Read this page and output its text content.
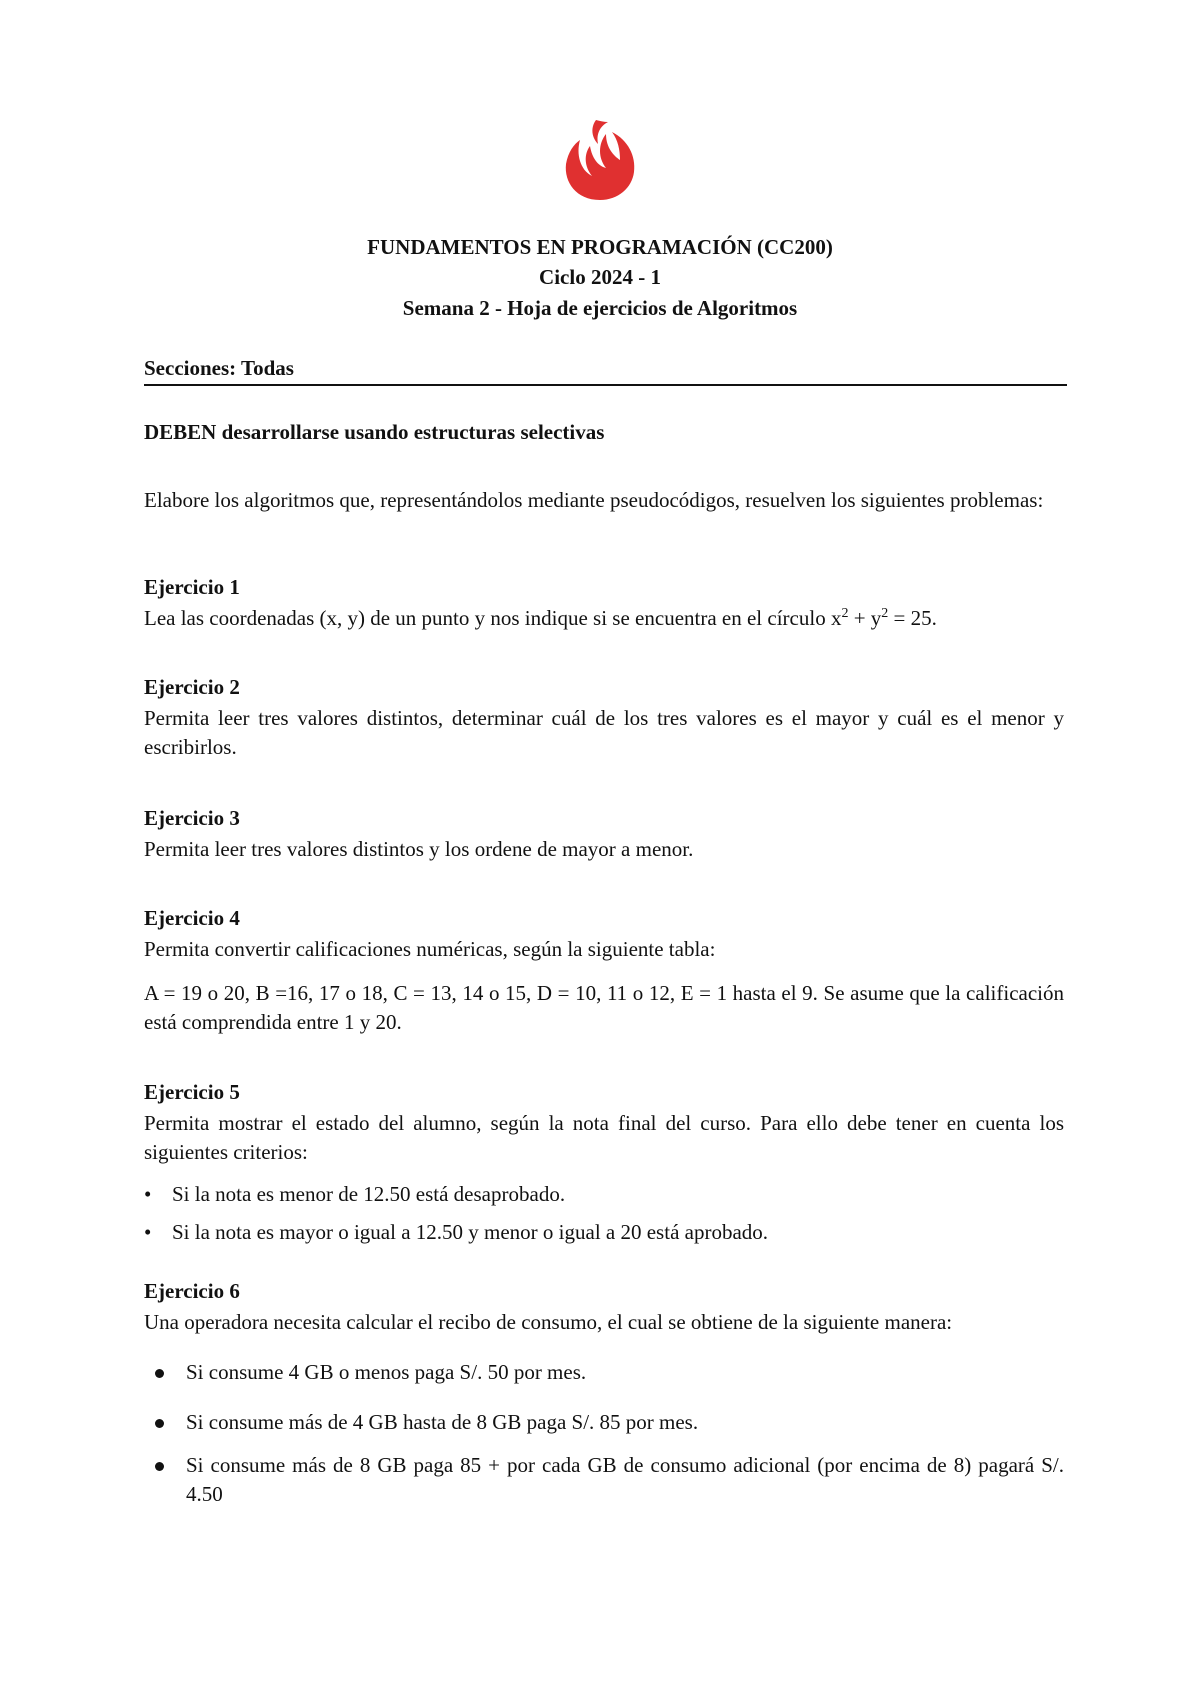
FUNDAMENTOS EN PROGRAMACIÓN (CC200)
Ciclo 2024 - 1
Semana 2 - Hoja de ejercicios de Algoritmos
Secciones: Todas
DEBEN desarrollarse usando estructuras selectivas
Elabore los algoritmos que, representándolos mediante pseudocódigos, resuelven los siguientes problemas:
Ejercicio 1
Lea las coordenadas (x, y) de un punto y nos indique si se encuentra en el círculo $x^2 + y^2 = 25$.
Ejercicio 2
Permita leer tres valores distintos, determinar cuál de los tres valores es el mayor y cuál es el menor y escribirlos.
Ejercicio 3
Permita leer tres valores distintos y los ordene de mayor a menor.
Ejercicio 4
Permita convertir calificaciones numéricas, según la siguiente tabla:
A = 19 o 20, B =16, 17 o 18, C = 13, 14 o 15, D = 10, 11 o 12, E = 1 hasta el 9. Se asume que la calificación está comprendida entre 1 y 20.
Ejercicio 5
Permita mostrar el estado del alumno, según la nota final del curso. Para ello debe tener en cuenta los siguientes criterios:
• Si la nota es menor de 12.50 está desaprobado.
• Si la nota es mayor o igual a 12.50 y menor o igual a 20 está aprobado.
Ejercicio 6
Una operadora necesita calcular el recibo de consumo, el cual se obtiene de la siguiente manera:
Si consume 4 GB o menos paga S/. 50 por mes.
Si consume más de 4 GB hasta de 8 GB paga S/. 85 por mes.
Si consume más de 8 GB paga 85 + por cada GB de consumo adicional (por encima de 8) pagará S/. 4.50
